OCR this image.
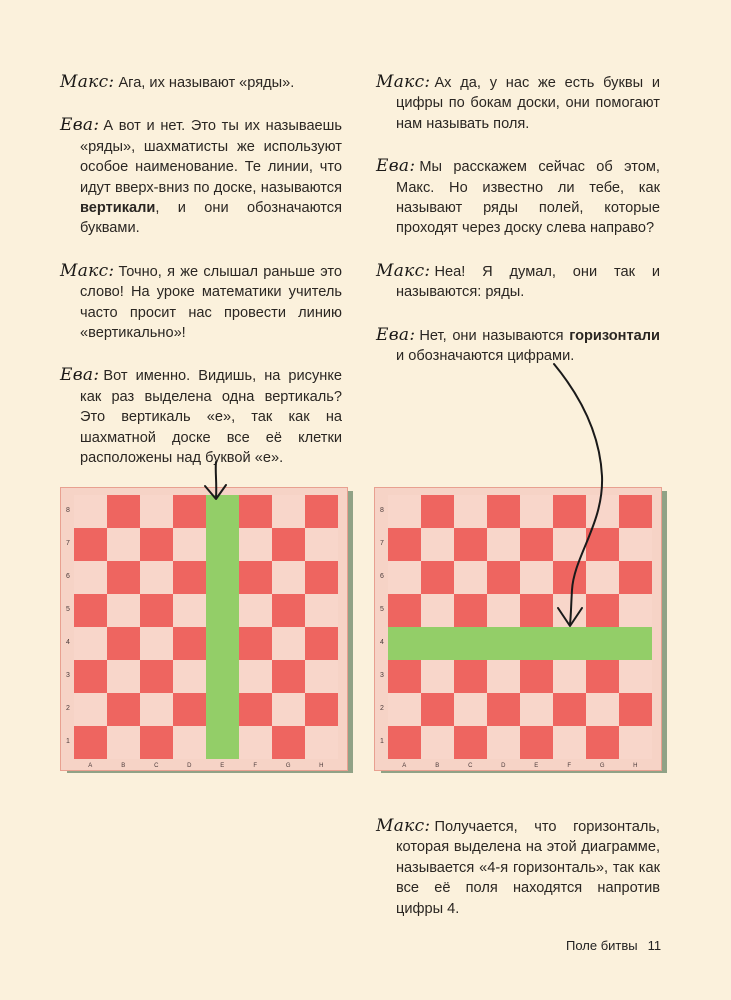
Макс: Ага, их называют «ряды».

Ева: А вот и нет. Это ты их называешь «ряды», шахматисты же используют особое наименование. Те линии, что идут вверх-вниз по доске, называются вертикали, и они обозначаются буквами.

Макс: Точно, я же слышал раньше это слово! На уроке математики учитель часто просит нас провести линию «вертикально»!

Ева: Вот именно. Видишь, на рисунке как раз выделена одна вертикаль? Это вертикаль «е», так как на шахматной доске все её клетки расположены над буквой «е».

Макс: Ах да, у нас же есть буквы и цифры по бокам доски, они помогают нам называть поля.

Ева: Мы расскажем сейчас об этом, Макс. Но известно ли тебе, как называют ряды полей, которые проходят через доску слева направо?

Макс: Неа! Я думал, они так и называются: ряды.

Ева: Нет, они называются горизонтали и обозначаются цифрами.

Макс: Получается, что горизонталь, которая выделена на этой диаграмме, называется «4-я горизонталь», так как все её поля находятся напротив цифры 4.

8
7
6
5
4
3
2
1
A	B	C	D	E	F	G	H
8
7
6
5
4
3
2
1
A	B	C	D	E	F	G	H
Поле битвы 11
